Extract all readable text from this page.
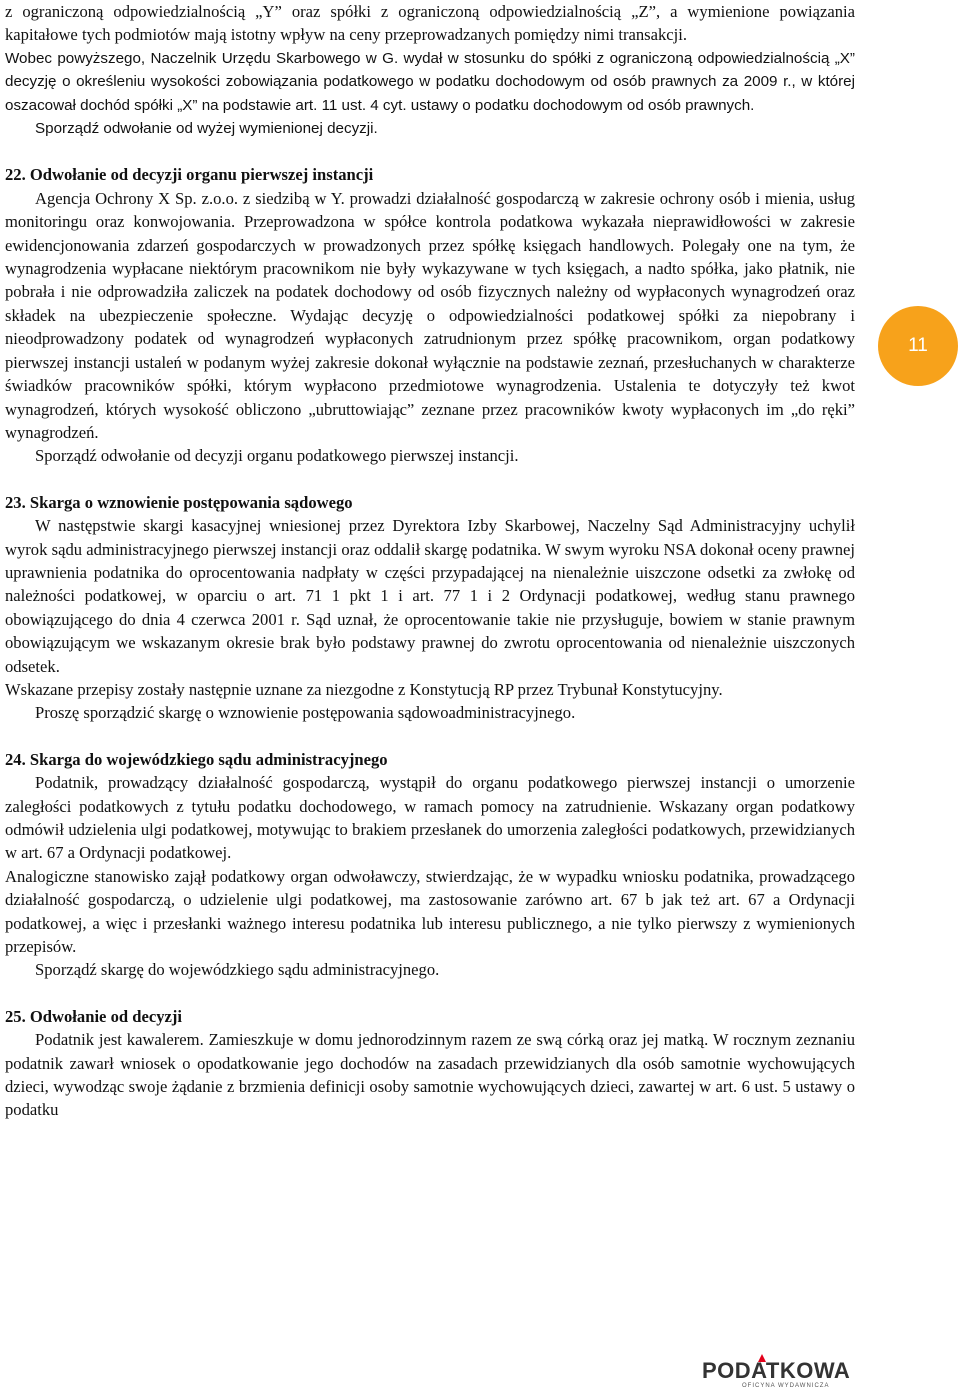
z ograniczoną odpowiedzialnością „Y” oraz spółki z ograniczoną odpowiedzialnością „Z”, a wymienione powiązania kapitałowe tych podmiotów mają istotny wpływ na ceny przeprowadzanych pomiędzy nimi transakcji.

Wobec powyższego, Naczelnik Urzędu Skarbowego w G. wydał w stosunku do spółki z ograniczoną odpowiedzialnością „X” decyzję o określeniu wysokości zobowiązania podatkowego w podatku dochodowym od osób prawnych za 2009 r., w której oszacował dochód spółki „X” na podstawie art. 11 ust. 4 cyt. ustawy o podatku dochodowym od osób prawnych.

Sporządź odwołanie od wyżej wymienionej decyzji.

22. Odwołanie od decyzji organu pierwszej instancji

Agencja Ochrony X Sp. z.o.o. z siedzibą w Y. prowadzi działalność gospodarczą w zakresie ochrony osób i mienia, usług monitoringu oraz konwojowania. Przeprowadzona w spółce kontrola podatkowa wykazała nieprawidłowości w zakresie ewidencjonowania zdarzeń gospodarczych w prowadzonych przez spółkę księgach handlowych. Polegały one na tym, że wynagrodzenia wypłacane niektórym pracownikom nie były wykazywane w tych księgach, a nadto spółka, jako płatnik, nie pobrała i nie odprowadziła zaliczek na podatek dochodowy od osób fizycznych należny od wypłaconych wynagrodzeń oraz składek na ubezpieczenie społeczne. Wydając decyzję o odpowiedzialności podatkowej spółki za niepobrany i nieodprowadzony podatek od wynagrodzeń wypłaconych zatrudnionym przez spółkę pracownikom, organ podatkowy pierwszej instancji ustaleń w podanym wyżej zakresie dokonał wyłącznie na podstawie zeznań, przesłuchanych w charakterze świadków pracowników spółki, którym wypłacono przedmiotowe wynagrodzenia. Ustalenia te dotyczyły też kwot wynagrodzeń, których wysokość obliczono „ubruttowiając” zeznane przez pracowników kwoty wypłaconych im „do ręki” wynagrodzeń.

Sporządź odwołanie od decyzji organu podatkowego pierwszej instancji.

23. Skarga o wznowienie postępowania sądowego

W następstwie skargi kasacyjnej wniesionej przez Dyrektora Izby Skarbowej, Naczelny Sąd Administracyjny uchylił wyrok sądu administracyjnego pierwszej instancji oraz oddalił skargę podatnika. W swym wyroku NSA dokonał oceny prawnej uprawnienia podatnika do oprocentowania nadpłaty w części przypadającej na nienależnie uiszczone odsetki za zwłokę od należności podatkowej, w oparciu o art. 71 1 pkt 1 i art. 77 1 i 2 Ordynacji podatkowej, według stanu prawnego obowiązującego do dnia 4 czerwca 2001 r. Sąd uznał, że oprocentowanie takie nie przysługuje, bowiem w stanie prawnym obowiązującym we wskazanym okresie brak było podstawy prawnej do zwrotu oprocentowania od nienależnie uiszczonych odsetek.

Wskazane przepisy zostały następnie uznane za niezgodne z Konstytucją RP przez Trybunał Konstytucyjny.

Proszę sporządzić skargę o wznowienie postępowania sądowoadministracyjnego.

24. Skarga do wojewódzkiego sądu administracyjnego

Podatnik, prowadzący działalność gospodarczą, wystąpił do organu podatkowego pierwszej instancji o umorzenie zaległości podatkowych z tytułu podatku dochodowego, w ramach pomocy na zatrudnienie. Wskazany organ podatkowy odmówił udzielenia ulgi podatkowej, motywując to brakiem przesłanek do umorzenia zaległości podatkowych, przewidzianych w art. 67 a Ordynacji podatkowej.

Analogiczne stanowisko zajął podatkowy organ odwoławczy, stwierdzając, że w wypadku wniosku podatnika, prowadzącego działalność gospodarczą, o udzielenie ulgi podatkowej, ma zastosowanie zarówno art. 67 b jak też art. 67 a Ordynacji podatkowej, a więc i przesłanki ważnego interesu podatnika lub interesu publicznego, a nie tylko pierwszy z wymienionych przepisów.

Sporządź skargę do wojewódzkiego sądu administracyjnego.

25. Odwołanie od decyzji

Podatnik jest kawalerem. Zamieszkuje w domu jednorodzinnym razem ze swą córką oraz jej matką. W rocznym zeznaniu podatnik zawarł wniosek o opodatkowanie jego dochodów na zasadach przewidzianych dla osób samotnie wychowujących dzieci, wywodząc swoje żądanie z brzmienia definicji osoby samotnie wychowujących dzieci, zawartej w art. 6 ust. 5 ustawy o podatku

11
PODATKOWA
OFICYNA WYDAWNICZA
